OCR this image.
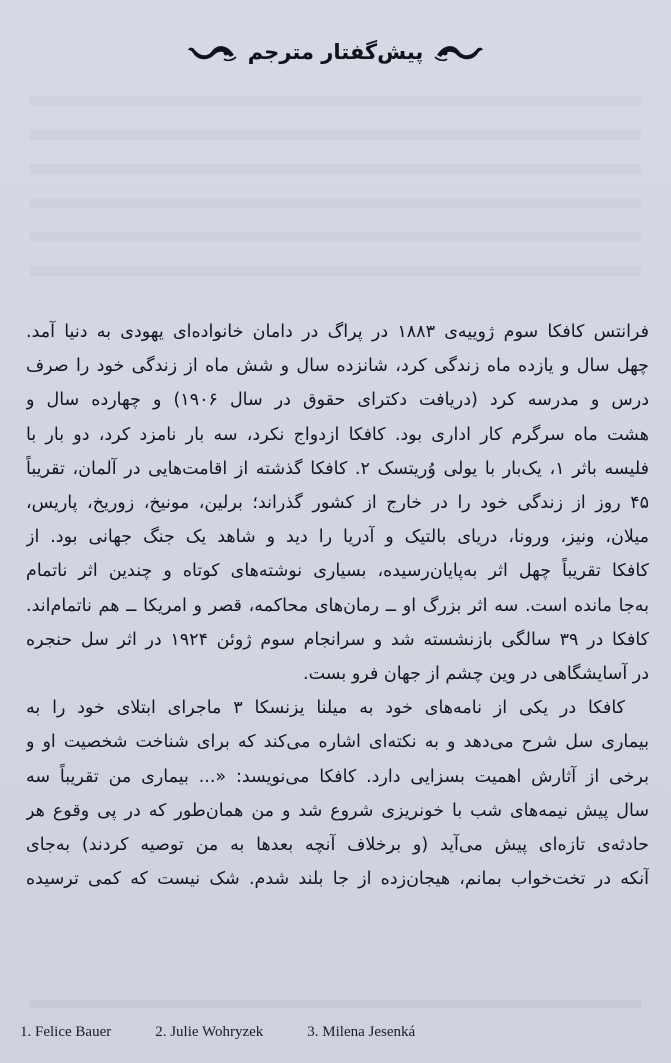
پیش‌گفتار مترجم
فرانتس کافکا سوم ژوییه‌ی ۱۸۸۳ در پراگ در دامان خانواده‌ای یهودی به دنیا آمد.
چهل سال و یازده ماه زندگی کرد، شانزده سال و شش ماه از زندگی خود را صرف
درس و مدرسه کرد (دریافت دکترای حقوق در سال ۱۹۰۶) و چهارده سال و
هشت ماه سرگرم کار اداری بود. کافکا ازدواج نکرد، سه بار نامزد کرد، دو بار با
فلیسه باثر ۱، یک‌بار با یولی وُریتسک ۲. کافکا گذشته از اقامت‌هایی در آلمان، تقریباً
۴۵ روز از زندگی خود را در خارج از کشور گذراند؛ برلین، مونیخ، زوریخ، پاریس،
میلان، ونیز، ورونا، دریای بالتیک و آدریا را دید و شاهد یک جنگ جهانی بود. از
کافکا تقریباً چهل اثر به‌پایان‌رسیده، بسیاری نوشته‌های کوتاه و چندین اثر ناتمام
به‌جا مانده است. سه اثر بزرگ او ــ رمان‌های محاکمه، قصر و امریکا ــ هم ناتمام‌اند.
کافکا در ۳۹ سالگی بازنشسته شد و سرانجام سوم ژوئن ۱۹۲۴ در اثر سل حنجره
در آسایشگاهی در وین چشم از جهان فرو بست.
کافکا در یکی از نامه‌های خود به میلنا یزنسکا ۳ ماجرای ابتلای خود را به
بیماری سل شرح می‌دهد و به نکته‌ای اشاره می‌کند که برای شناخت شخصیت او و
برخی از آثارش اهمیت بسزایی دارد. کافکا می‌نویسد: «... بیماری من تقریباً سه
سال پیش نیمه‌های شب با خونریزی شروع شد و من همان‌طور که در پی وقوع هر
حادثه‌ی تازه‌ای پیش می‌آید (و برخلاف آنچه بعدها به من توصیه کردند) به‌جای
آنکه در تخت‌خواب بمانم، هیجان‌زده از جا بلند شدم. شک نیست که کمی ترسیده
1. Felice Bauer	2. Julie Wohryzek	3. Milena Jesenká
